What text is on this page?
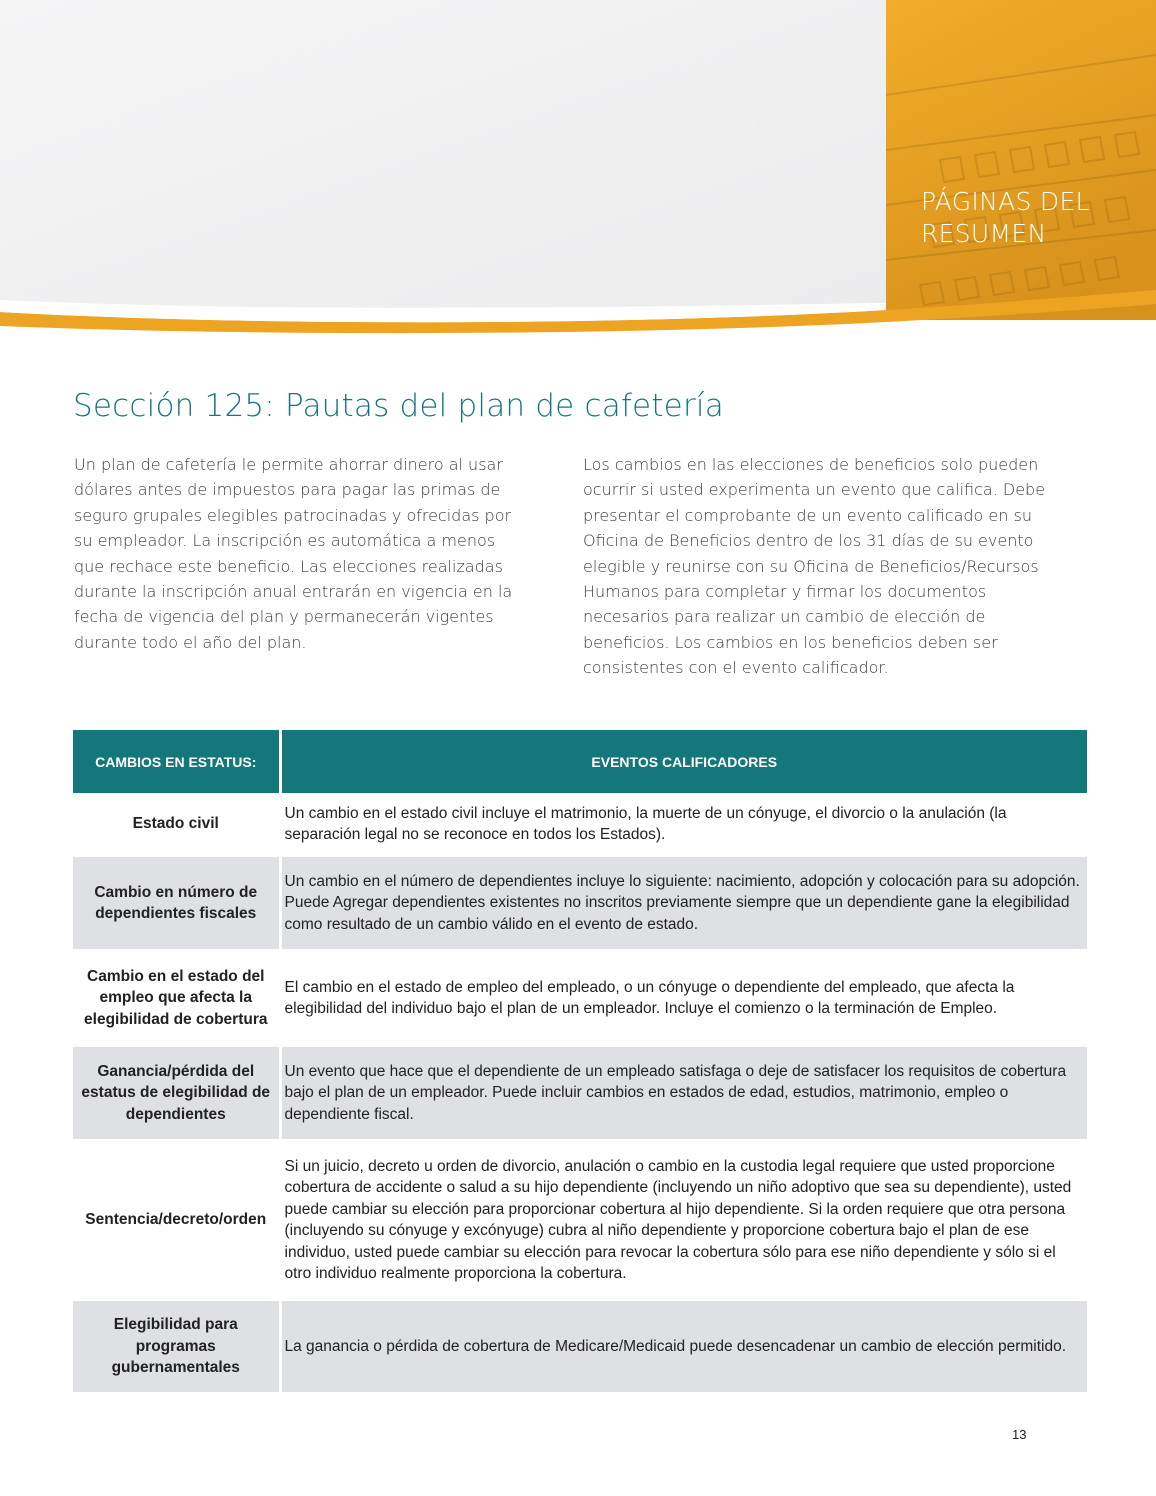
PÁGINAS DEL
RESUMEN
Sección 125: Pautas del plan de cafetería

Un plan de cafetería le permite ahorrar dinero al usar dólares antes de impuestos para pagar las primas de seguro grupales elegibles patrocinadas y ofrecidas por su empleador. La inscripción es automática a menos que rechace este beneficio. Las elecciones realizadas durante la inscripción anual entrarán en vigencia en la fecha de vigencia del plan y permanecerán vigentes durante todo el año del plan.

Los cambios en las elecciones de beneficios solo pueden ocurrir si usted experimenta un evento que califica. Debe presentar el comprobante de un evento calificado en su Oficina de Beneficios dentro de los 31 días de su evento elegible y reunirse con su Oficina de Beneficios/Recursos Humanos para completar y firmar los documentos necesarios para realizar un cambio de elección de beneficios. Los cambios en los beneficios deben ser consistentes con el evento calificador.

CAMBIOS EN ESTATUS:	EVENTOS CALIFICADORES
Estado civil	Un cambio en el estado civil incluye el matrimonio, la muerte de un cónyuge, el divorcio o la anulación (la separación legal no se reconoce en todos los Estados).
Cambio en número de dependientes fiscales	Un cambio en el número de dependientes incluye lo siguiente: nacimiento, adopción y colocación para su adopción. Puede Agregar dependientes existentes no inscritos previamente siempre que un dependiente gane la elegibilidad como resultado de un cambio válido en el evento de estado.
Cambio en el estado del empleo que afecta la elegibilidad de cobertura	El cambio en el estado de empleo del empleado, o un cónyuge o dependiente del empleado, que afecta la elegibilidad del individuo bajo el plan de un empleador. Incluye el comienzo o la terminación de Empleo.
Ganancia/pérdida del estatus de elegibilidad de dependientes	Un evento que hace que el dependiente de un empleado satisfaga o deje de satisfacer los requisitos de cobertura bajo el plan de un empleador. Puede incluir cambios en estados de edad, estudios, matrimonio, empleo o dependiente fiscal.
Sentencia/decreto/orden	Si un juicio, decreto u orden de divorcio, anulación o cambio en la custodia legal requiere que usted proporcione cobertura de accidente o salud a su hijo dependiente (incluyendo un niño adoptivo que sea su dependiente), usted puede cambiar su elección para proporcionar cobertura al hijo dependiente. Si la orden requiere que otra persona (incluyendo su cónyuge y excónyuge) cubra al niño dependiente y proporcione cobertura bajo el plan de ese individuo, usted puede cambiar su elección para revocar la cobertura sólo para ese niño dependiente y sólo si el otro individuo realmente proporciona la cobertura.
Elegibilidad para programas gubernamentales	La ganancia o pérdida de cobertura de Medicare/Medicaid puede desencadenar un cambio de elección permitido.
13
